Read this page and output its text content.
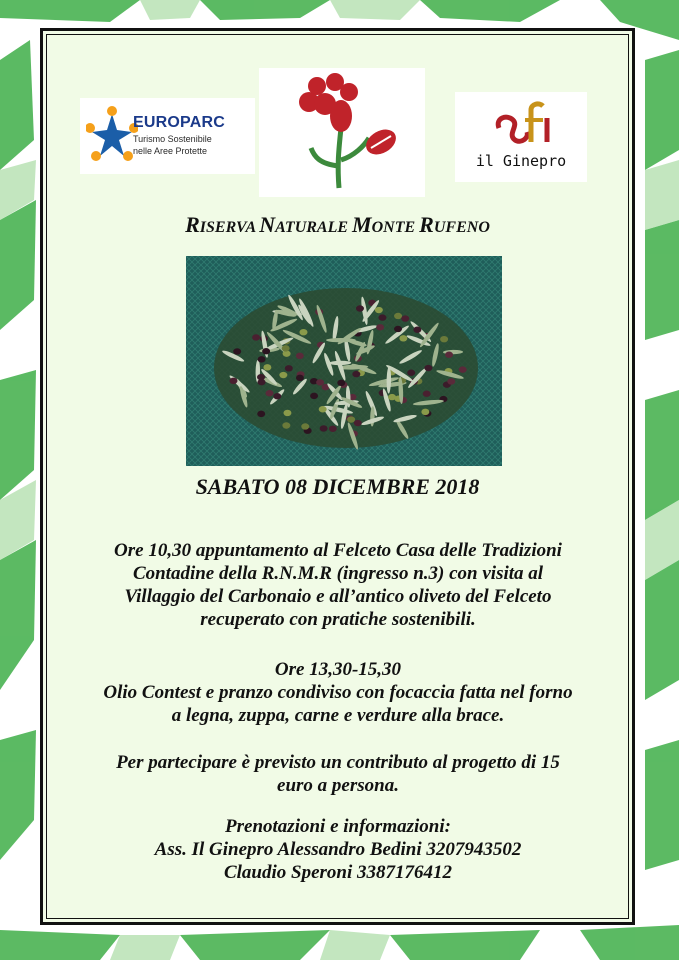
EUROPARC
Turismo Sostenibile
nelle Aree Protette
il Ginepro
RISERVA NATURALE MONTE RUFENO
SABATO 08 DICEMBRE 2018
Ore 10,30 appuntamento al Felceto Casa delle Tradizioni
Contadine della R.N.M.R (ingresso n.3) con visita al
Villaggio del Carbonaio e all’antico oliveto del Felceto
recuperato con pratiche sostenibili.
Ore 13,30-15,30
Olio Contest e pranzo condiviso con focaccia fatta nel forno
a legna, zuppa, carne e verdure alla brace.
Per partecipare è previsto un contributo al progetto di 15
euro a persona.
Prenotazioni e informazioni:
Ass. Il Ginepro Alessandro Bedini 3207943502
Claudio Speroni 3387176412
